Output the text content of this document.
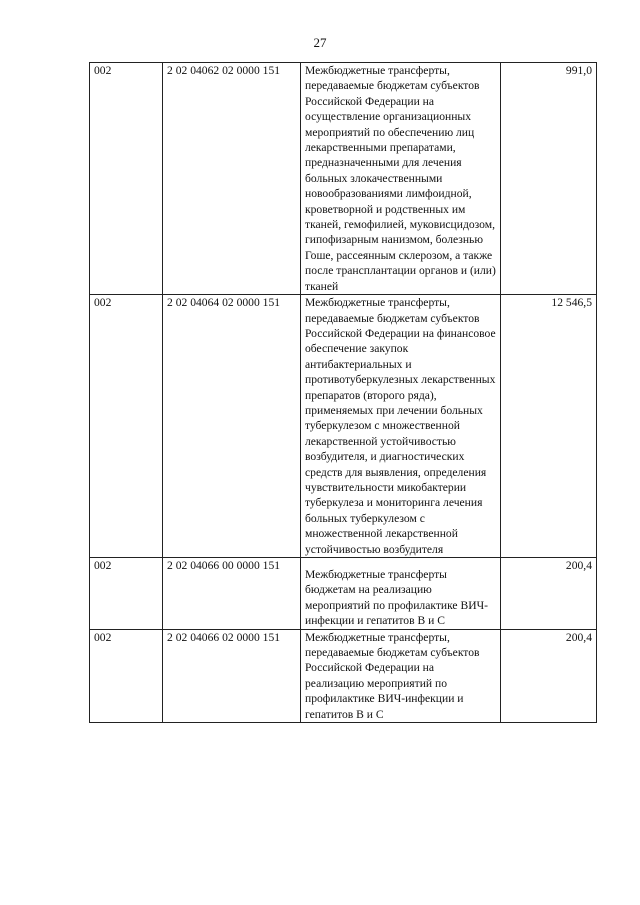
27
002	2 02 04062 02 0000 151	Межбюджетные трансферты, передаваемые бюджетам субъектов Российской Федерации на осуществление организационных мероприятий по обеспечению лиц лекарственными препаратами, предназначенными для лечения больных злокачественными новообразованиями лимфоидной, кроветворной и родственных им тканей, гемофилией, муковисцидозом, гипофизарным нанизмом, болезнью Гоше, рассеянным склерозом, а также после трансплантации органов и (или) тканей	991,0
002	2 02 04064 02 0000 151	Межбюджетные трансферты, передаваемые бюджетам субъектов Российской Федерации на финансовое обеспечение закупок антибактериальных и противотуберкулезных лекарственных препаратов (второго ряда), применяемых при лечении больных туберкулезом с множественной лекарственной устойчивостью возбудителя, и диагностических средств для выявления, определения чувствительности микобактерии туберкулеза и мониторинга лечения больных туберкулезом с множественной лекарственной устойчивостью возбудителя	12 546,5
002	2 02 04066 00 0000 151	Межбюджетные трансферты бюджетам на реализацию мероприятий по профилактике ВИЧ-инфекции и гепатитов В и С	200,4
002	2 02 04066 02 0000 151	Межбюджетные трансферты, передаваемые бюджетам субъектов Российской Федерации на реализацию мероприятий по профилактике ВИЧ-инфекции и гепатитов В и С	200,4
